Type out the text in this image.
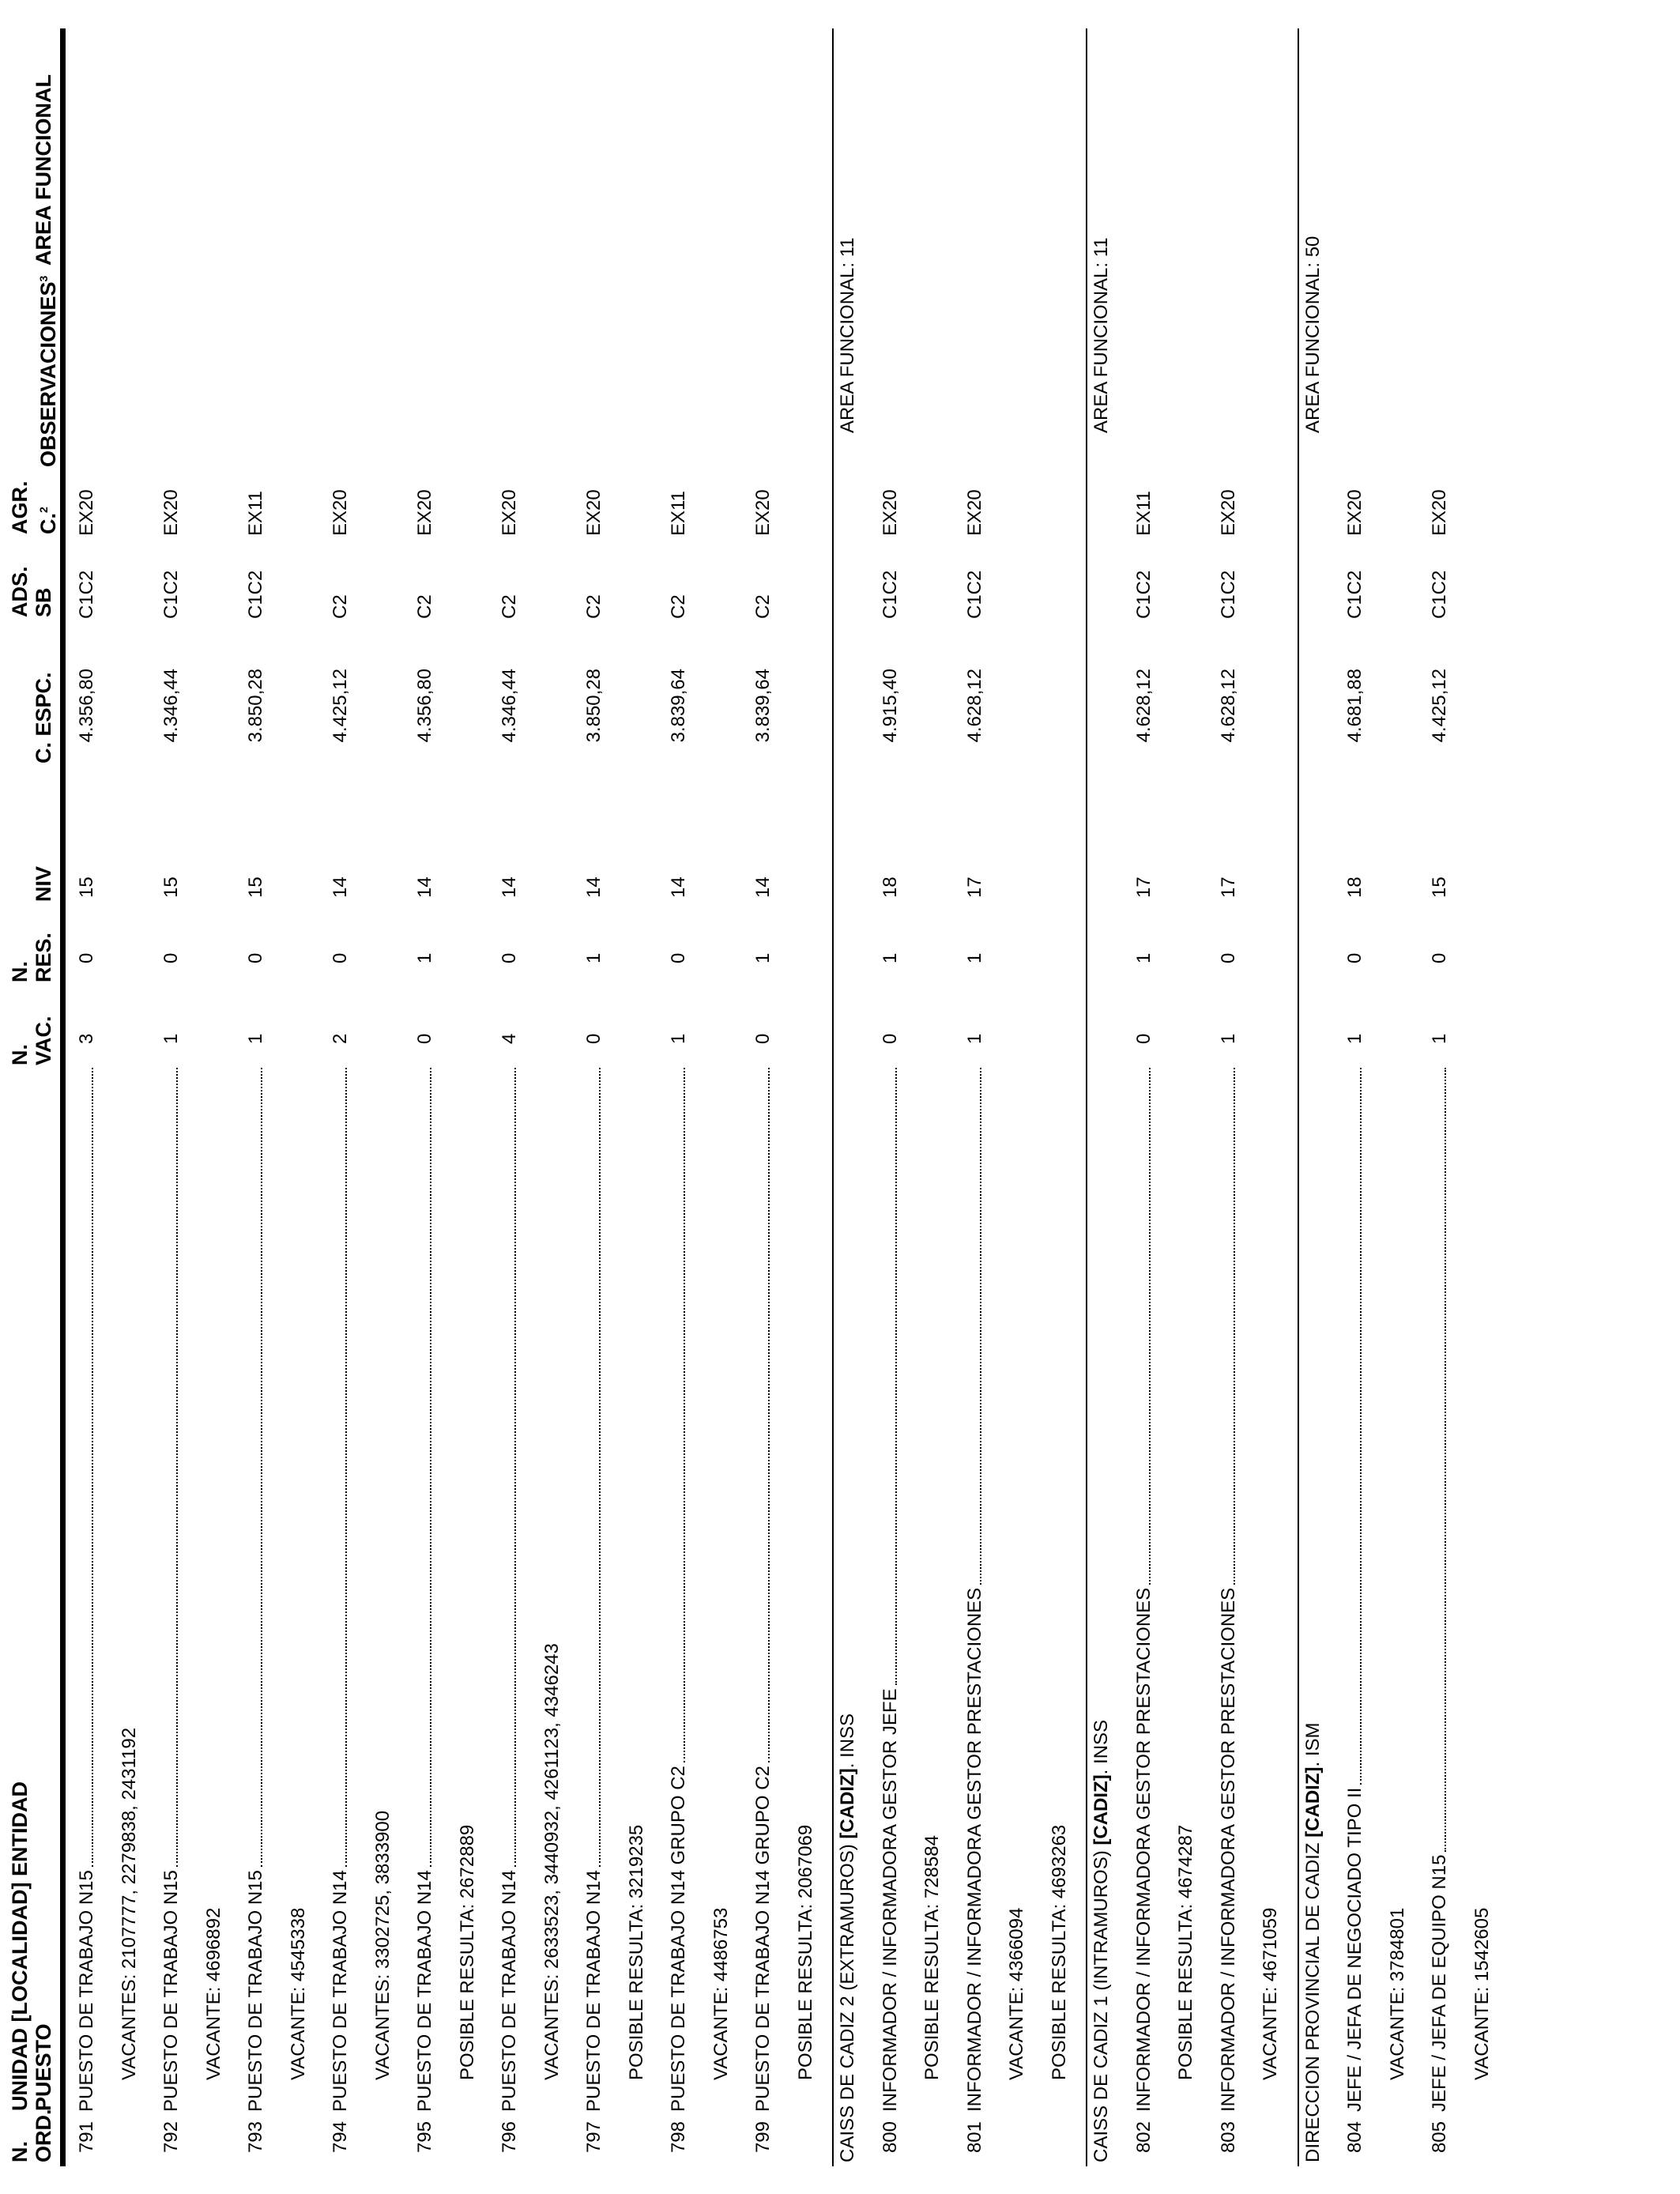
N. ORD.
UNIDAD [LOCALIDAD] ENTIDAD PUESTO
N. VAC.
N. RES.
NIV
C. ESPC.
ADS. SB
AGR. C.$^2$
OBSERVACIONES$^3$
AREA FUNCIONAL
791
PUESTO DE TRABAJO N15
3
0
15
4.356,80
C1C2
EX20
VACANTES: 2107777, 2279838, 2431192
792
PUESTO DE TRABAJO N15
1
0
15
4.346,44
C1C2
EX20
VACANTE: 4696892
793
PUESTO DE TRABAJO N15
1
0
15
3.850,28
C1C2
EX11
VACANTE: 4545338
794
PUESTO DE TRABAJO N14
2
0
14
4.425,12
C2
EX20
VACANTES: 3302725, 3833900
795
PUESTO DE TRABAJO N14
0
1
14
4.356,80
C2
EX20
POSIBLE RESULTA: 2672889
796
PUESTO DE TRABAJO N14
4
0
14
4.346,44
C2
EX20
VACANTES: 2633523, 3440932, 4261123, 4346243
797
PUESTO DE TRABAJO N14
0
1
14
3.850,28
C2
EX20
POSIBLE RESULTA: 3219235
798
PUESTO DE TRABAJO N14 GRUPO C2
1
0
14
3.839,64
C2
EX11
VACANTE: 4486753
799
PUESTO DE TRABAJO N14 GRUPO C2
0
1
14
3.839,64
C2
EX20
POSIBLE RESULTA: 2067069 CAISS DE CADIZ 2 (EXTRAMUROS) [CADIZ]. INSS
AREA FUNCIONAL: 11
800
INFORMADOR / INFORMADORA GESTOR JEFE
0
1
18
4.915,40
C1C2
EX20
POSIBLE RESULTA: 728584
801
INFORMADOR / INFORMADORA GESTOR PRESTACIONES
1
1
17
4.628,12
C1C2
EX20
VACANTE: 4366094 POSIBLE RESULTA: 4693263 CAISS DE CADIZ 1 (INTRAMUROS) [CADIZ]. INSS
AREA FUNCIONAL: 11
802
INFORMADOR / INFORMADORA GESTOR PRESTACIONES
0
1
17
4.628,12
C1C2
EX11
POSIBLE RESULTA: 4674287
803
INFORMADOR / INFORMADORA GESTOR PRESTACIONES
1
0
17
4.628,12
C1C2
EX20
VACANTE: 4671059 DIRECCION PROVINCIAL DE CADIZ [CADIZ]. ISM
AREA FUNCIONAL: 50
804
JEFE / JEFA DE NEGOCIADO TIPO II
1
0
18
4.681,88
C1C2
EX20
VACANTE: 3784801
805
JEFE / JEFA DE EQUIPO N15
1
0
15
4.425,12
C1C2
EX20
VACANTE: 1542605
